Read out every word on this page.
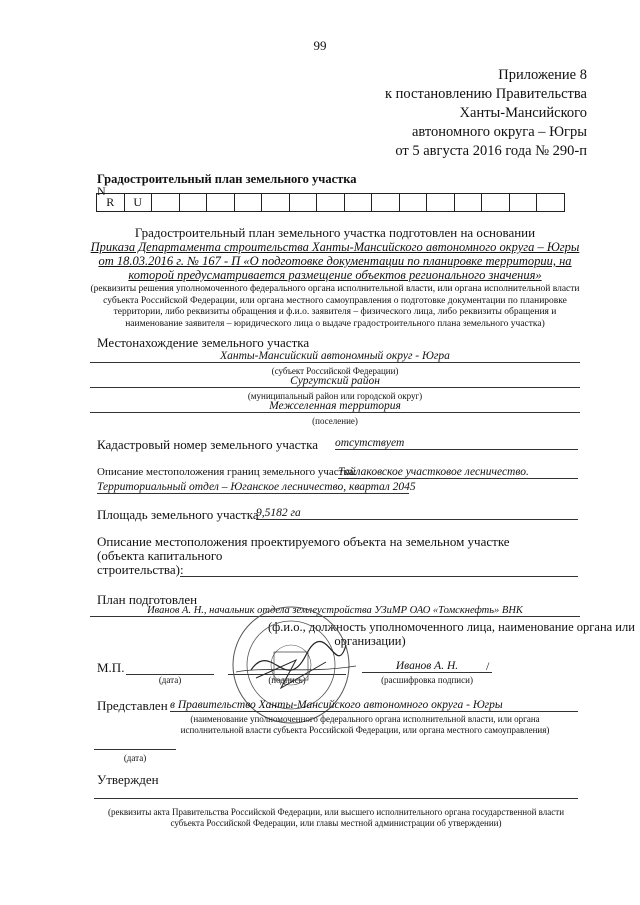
99
Приложение 8
к постановлению Правительства
Ханты-Мансийского
автономного округа – Югры
от 5 августа 2016 года № 290-п
Градостроительный план земельного участка
N
R	U															
Градостроительный план земельного участка подготовлен на основании
Приказа Департамента строительства Ханты-Мансийского автономного округа – Югры от 18.03.2016 г. № 167 - П «О подготовке документации по планировке территории, на которой предусматривается размещение объектов регионального значения»
(реквизиты решения уполномоченного федерального органа исполнительной власти, или органа исполнительной власти субъекта Российской Федерации, или органа местного самоуправления о подготовке документации по планировке территории, либо реквизиты обращения и ф.и.о. заявителя – физического лица, либо реквизиты обращения и наименование заявителя – юридического лица о выдаче градостроительного плана земельного участка)
Местонахождение земельного участка
Ханты-Мансийский автономный округ - Югра
(субъект Российской Федерации)
Сургутский район
(муниципальный район или городской округ)
Межселенная территория
(поселение)
Кадастровый номер земельного участка отсутствует
Описание местоположения границ земельного участка:
Тайлаковское участковое лесничество.
Территориальный отдел – Юганское лесничество, квартал 2045
Площадь земельного участка
9,5182 га
Описание местоположения проектируемого объекта на земельном участке
(объекта капитального
строительства):
План подготовлен
Иванов А. Н., начальник отдела землеустройства УЗиМР ОАО «Томскнефть» ВНК
(ф.и.о., должность уполномоченного лица, наименование органа или
организации)
М.П.
(дата)	(подпись)
Иванов А. Н.	/
(расшифровка подписи)
Представлен в Правительство Ханты-Мансийского автономного округа - Югры
(наименование уполномоченного федерального органа исполнительной власти, или органа
исполнительной власти субъекта Российской Федерации, или органа местного самоуправления)
(дата)
Утвержден
(реквизиты акта Правительства Российской Федерации, или высшего исполнительного органа государственной власти
субъекта Российской Федерации, или главы местной администрации об утверждении)
